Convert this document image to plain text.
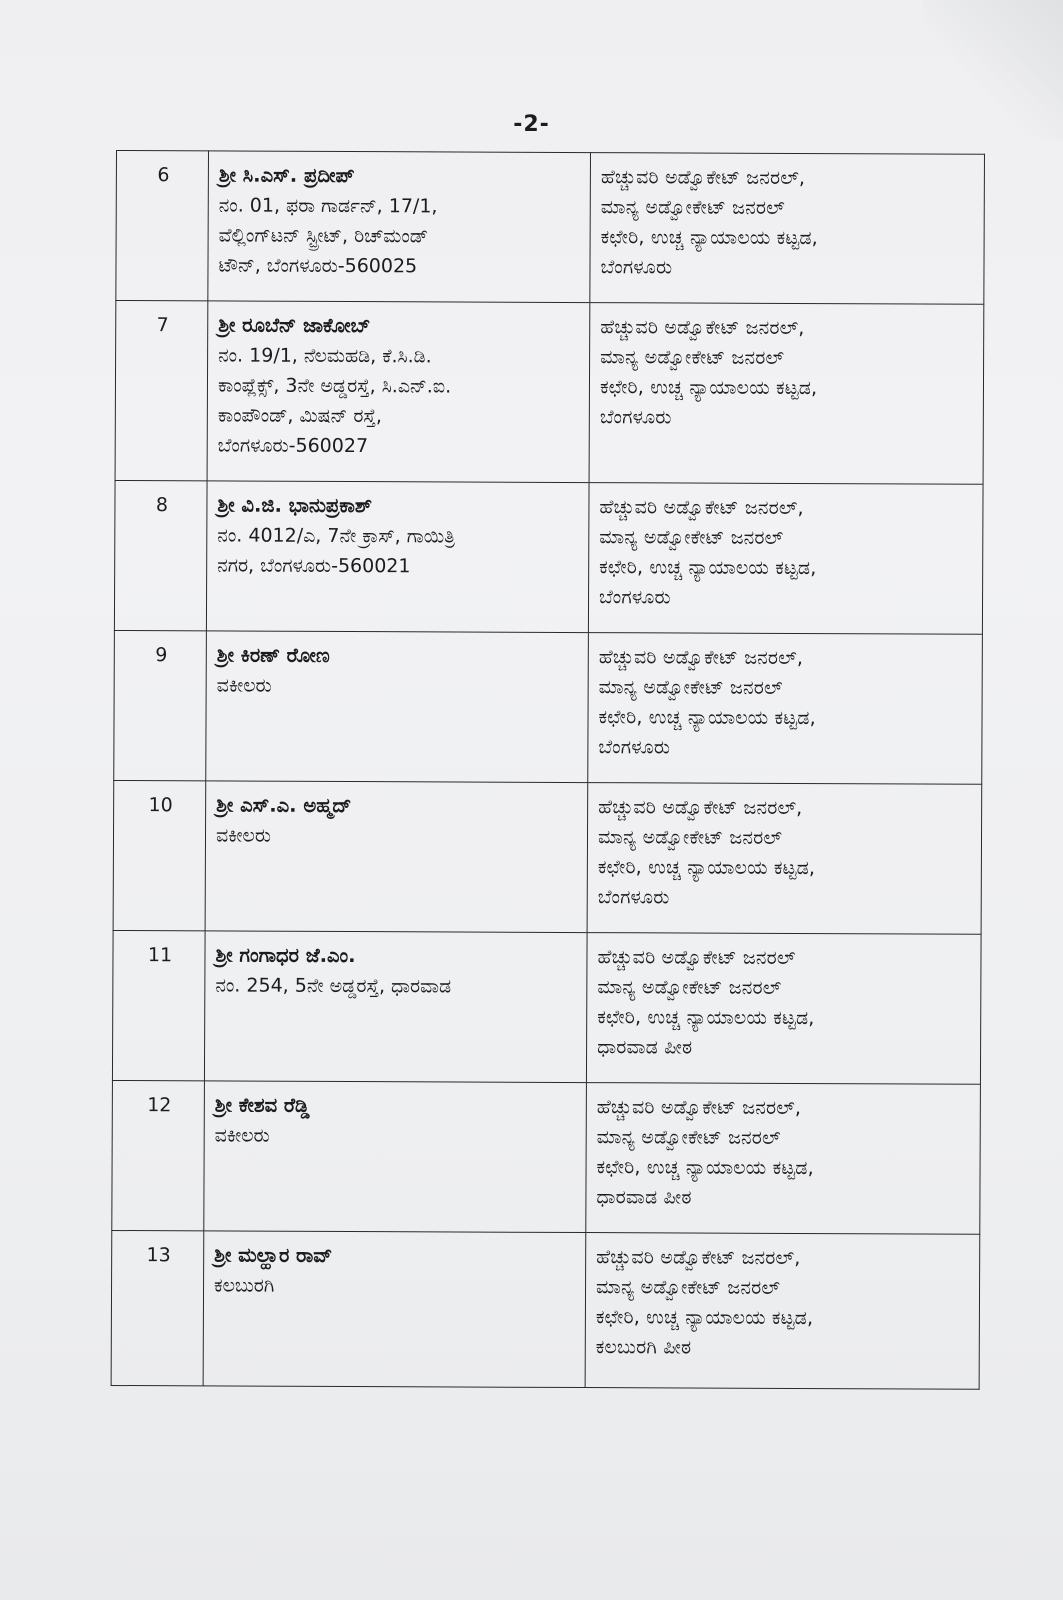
-2-
6	ಶ್ರೀ ಸಿ.ಎಸ್. ಪ್ರದೀಪ್
ನಂ. 01, ಫರಾ ಗಾರ್ಡನ್, 17/1,
ವೆಲ್ಲಿಂಗ್‌ಟನ್ ಸ್ಟ್ರೀಟ್, ರಿಚ್‌ಮಂಡ್
ಟೌನ್, ಬೆಂಗಳೂರು-560025	ಹೆಚ್ಚುವರಿ ಅಡ್ವೊಕೇಟ್ ಜನರಲ್,
ಮಾನ್ಯ ಅಡ್ವೋಕೇಟ್ ಜನರಲ್
ಕಛೇರಿ, ಉಚ್ಚ ನ್ಯಾಯಾಲಯ ಕಟ್ಟಡ,
ಬೆಂಗಳೂರು

7	ಶ್ರೀ ರೂಬೆನ್ ಜಾಕೋಬ್
ನಂ. 19/1, ನೆಲಮಹಡಿ, ಕೆ.ಸಿ.ಡಿ.
ಕಾಂಪ್ಲೆಕ್ಸ್, 3ನೇ ಅಡ್ಡರಸ್ತೆ, ಸಿ.ಎನ್.ಐ.
ಕಾಂಪೌಂಡ್, ಮಿಷನ್ ರಸ್ತೆ,
ಬೆಂಗಳೂರು-560027	ಹೆಚ್ಚುವರಿ ಅಡ್ವೊಕೇಟ್ ಜನರಲ್,
ಮಾನ್ಯ ಅಡ್ವೋಕೇಟ್ ಜನರಲ್
ಕಛೇರಿ, ಉಚ್ಚ ನ್ಯಾಯಾಲಯ ಕಟ್ಟಡ,
ಬೆಂಗಳೂರು

8	ಶ್ರೀ ವಿ.ಜಿ. ಭಾನುಪ್ರಕಾಶ್
ನಂ. 4012/ಎ, 7ನೇ ಕ್ರಾಸ್, ಗಾಯಿತ್ರಿ
ನಗರ, ಬೆಂಗಳೂರು-560021	ಹೆಚ್ಚುವರಿ ಅಡ್ವೊಕೇಟ್ ಜನರಲ್,
ಮಾನ್ಯ ಅಡ್ವೋಕೇಟ್ ಜನರಲ್
ಕಛೇರಿ, ಉಚ್ಚ ನ್ಯಾಯಾಲಯ ಕಟ್ಟಡ,
ಬೆಂಗಳೂರು

9	ಶ್ರೀ ಕಿರಣ್ ರೋಣ
ವಕೀಲರು	ಹೆಚ್ಚುವರಿ ಅಡ್ವೊಕೇಟ್ ಜನರಲ್,
ಮಾನ್ಯ ಅಡ್ವೋಕೇಟ್ ಜನರಲ್
ಕಛೇರಿ, ಉಚ್ಚ ನ್ಯಾಯಾಲಯ ಕಟ್ಟಡ,
ಬೆಂಗಳೂರು

10	ಶ್ರೀ ಎಸ್.ಎ. ಅಹ್ಮದ್
ವಕೀಲರು	ಹೆಚ್ಚುವರಿ ಅಡ್ವೊಕೇಟ್ ಜನರಲ್,
ಮಾನ್ಯ ಅಡ್ವೋಕೇಟ್ ಜನರಲ್
ಕಛೇರಿ, ಉಚ್ಚ ನ್ಯಾಯಾಲಯ ಕಟ್ಟಡ,
ಬೆಂಗಳೂರು

11	ಶ್ರೀ ಗಂಗಾಧರ ಜೆ.ಎಂ.
ನಂ. 254, 5ನೇ ಅಡ್ಡರಸ್ತೆ, ಧಾರವಾಡ	ಹೆಚ್ಚುವರಿ ಅಡ್ವೊಕೇಟ್ ಜನರಲ್
ಮಾನ್ಯ ಅಡ್ವೋಕೇಟ್ ಜನರಲ್
ಕಛೇರಿ, ಉಚ್ಚ ನ್ಯಾಯಾಲಯ ಕಟ್ಟಡ,
ಧಾರವಾಡ ಪೀಠ

12	ಶ್ರೀ ಕೇಶವ ರೆಡ್ಡಿ
ವಕೀಲರು	ಹೆಚ್ಚುವರಿ ಅಡ್ವೊಕೇಟ್ ಜನರಲ್,
ಮಾನ್ಯ ಅಡ್ವೋಕೇಟ್ ಜನರಲ್
ಕಛೇರಿ, ಉಚ್ಚ ನ್ಯಾಯಾಲಯ ಕಟ್ಟಡ,
ಧಾರವಾಡ ಪೀಠ

13	ಶ್ರೀ ಮಲ್ಹಾರ ರಾವ್
ಕಲಬುರಗಿ	ಹೆಚ್ಚುವರಿ ಅಡ್ವೊಕೇಟ್ ಜನರಲ್,
ಮಾನ್ಯ ಅಡ್ವೋಕೇಟ್ ಜನರಲ್
ಕಛೇರಿ, ಉಚ್ಚ ನ್ಯಾಯಾಲಯ ಕಟ್ಟಡ,
ಕಲಬುರಗಿ ಪೀಠ
